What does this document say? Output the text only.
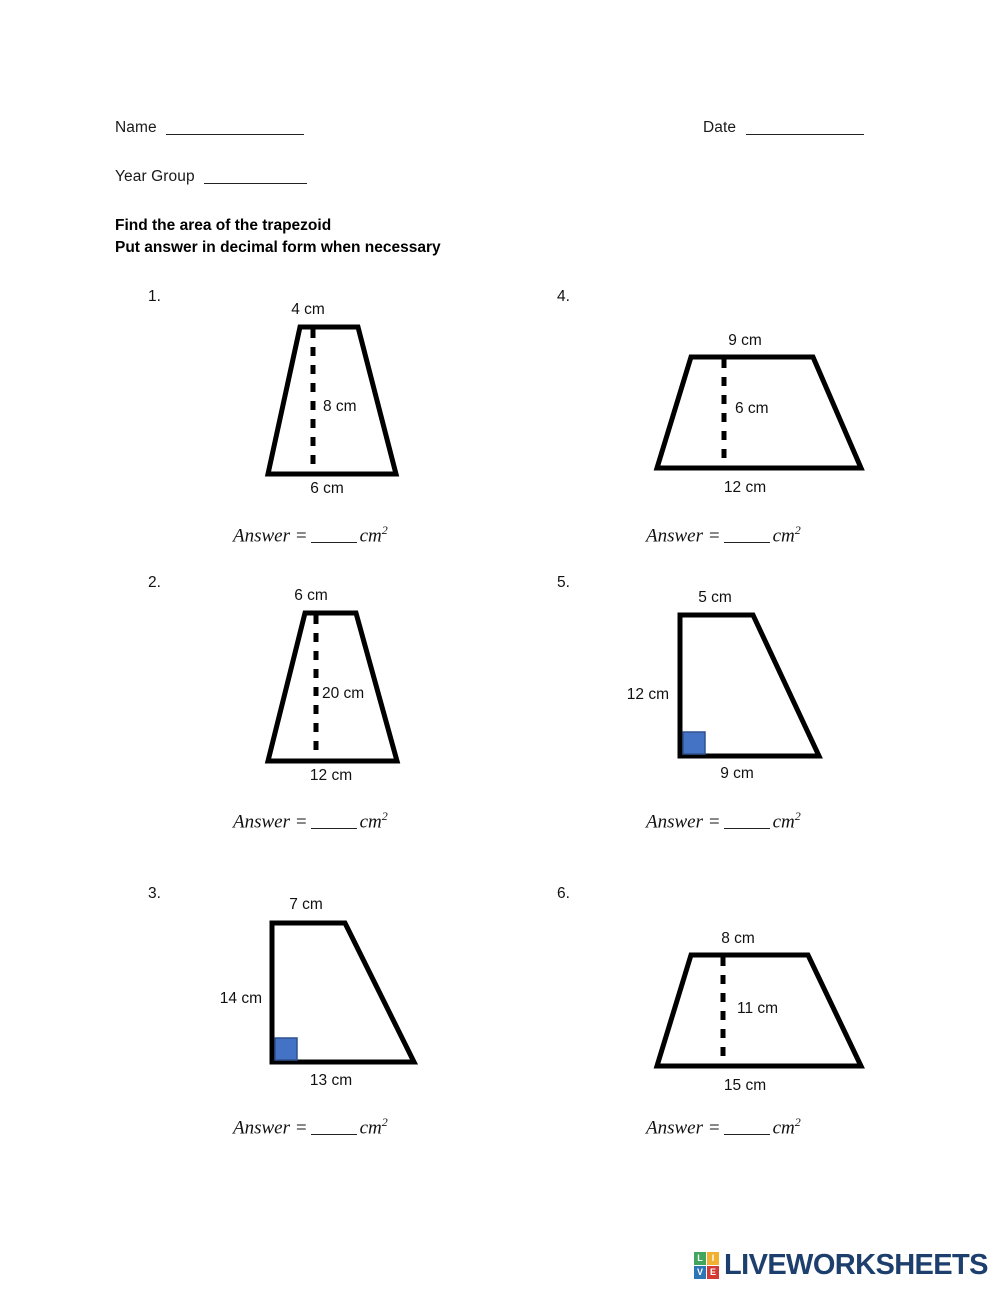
Name	Date
Year Group
Find the area of the trapezoid
Put answer in decimal form when necessary
1.
4 cm
8 cm
6 cm
Answer =	$cm^2$
4.
9 cm
6 cm
12 cm
Answer =	$cm^2$
2.
6 cm
20 cm
12 cm
Answer =	$cm^2$
5.
5 cm
12 cm
9 cm
Answer =	$cm^2$
3.
7 cm
14 cm
13 cm
Answer =	$cm^2$
6.
8 cm
11 cm
15 cm
Answer =	$cm^2$
L I
V E LIVEWORKSHEETS
